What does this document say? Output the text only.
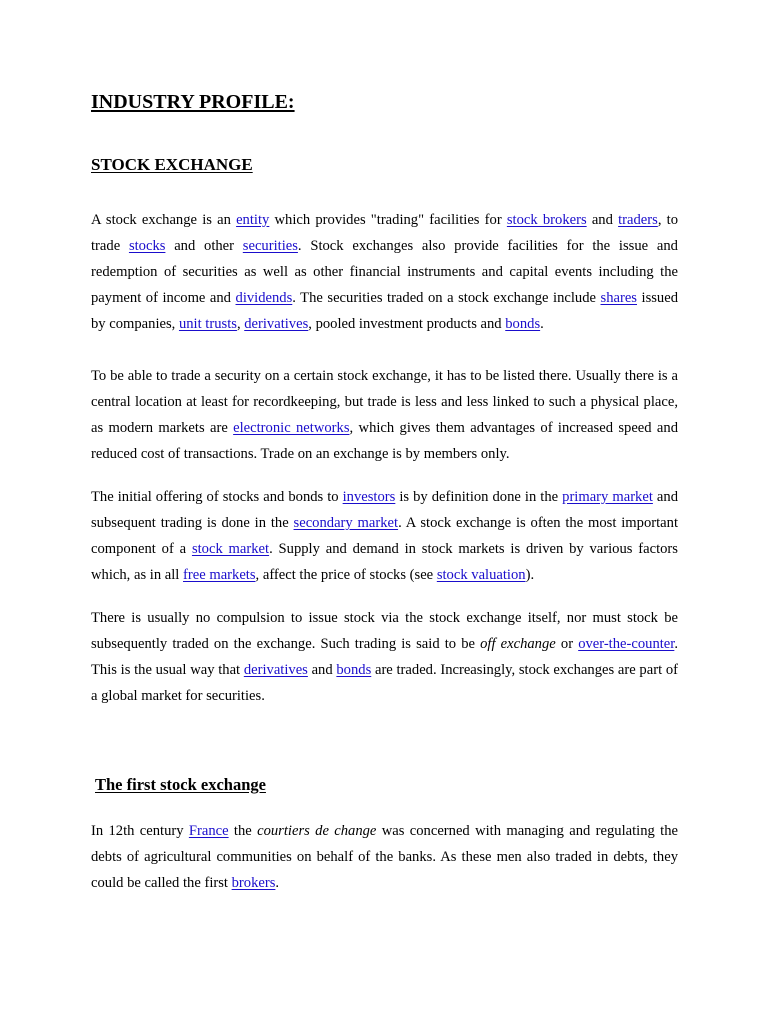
INDUSTRY PROFILE:
STOCK EXCHANGE

A stock exchange is an entity which provides "trading" facilities for stock brokers and traders, to trade stocks and other securities. Stock exchanges also provide facilities for the issue and redemption of securities as well as other financial instruments and capital events including the payment of income and dividends. The securities traded on a stock exchange include shares issued by companies, unit trusts, derivatives, pooled investment products and bonds.

To be able to trade a security on a certain stock exchange, it has to be listed there. Usually there is a central location at least for recordkeeping, but trade is less and less linked to such a physical place, as modern markets are electronic networks, which gives them advantages of increased speed and reduced cost of transactions. Trade on an exchange is by members only.

The initial offering of stocks and bonds to investors is by definition done in the primary market and subsequent trading is done in the secondary market. A stock exchange is often the most important component of a stock market. Supply and demand in stock markets is driven by various factors which, as in all free markets, affect the price of stocks (see stock valuation).

There is usually no compulsion to issue stock via the stock exchange itself, nor must stock be subsequently traded on the exchange. Such trading is said to be off exchange or over-the-counter. This is the usual way that derivatives and bonds are traded. Increasingly, stock exchanges are part of a global market for securities.

The first stock exchange

In 12th century France the courtiers de change was concerned with managing and regulating the debts of agricultural communities on behalf of the banks. As these men also traded in debts, they could be called the first brokers.
